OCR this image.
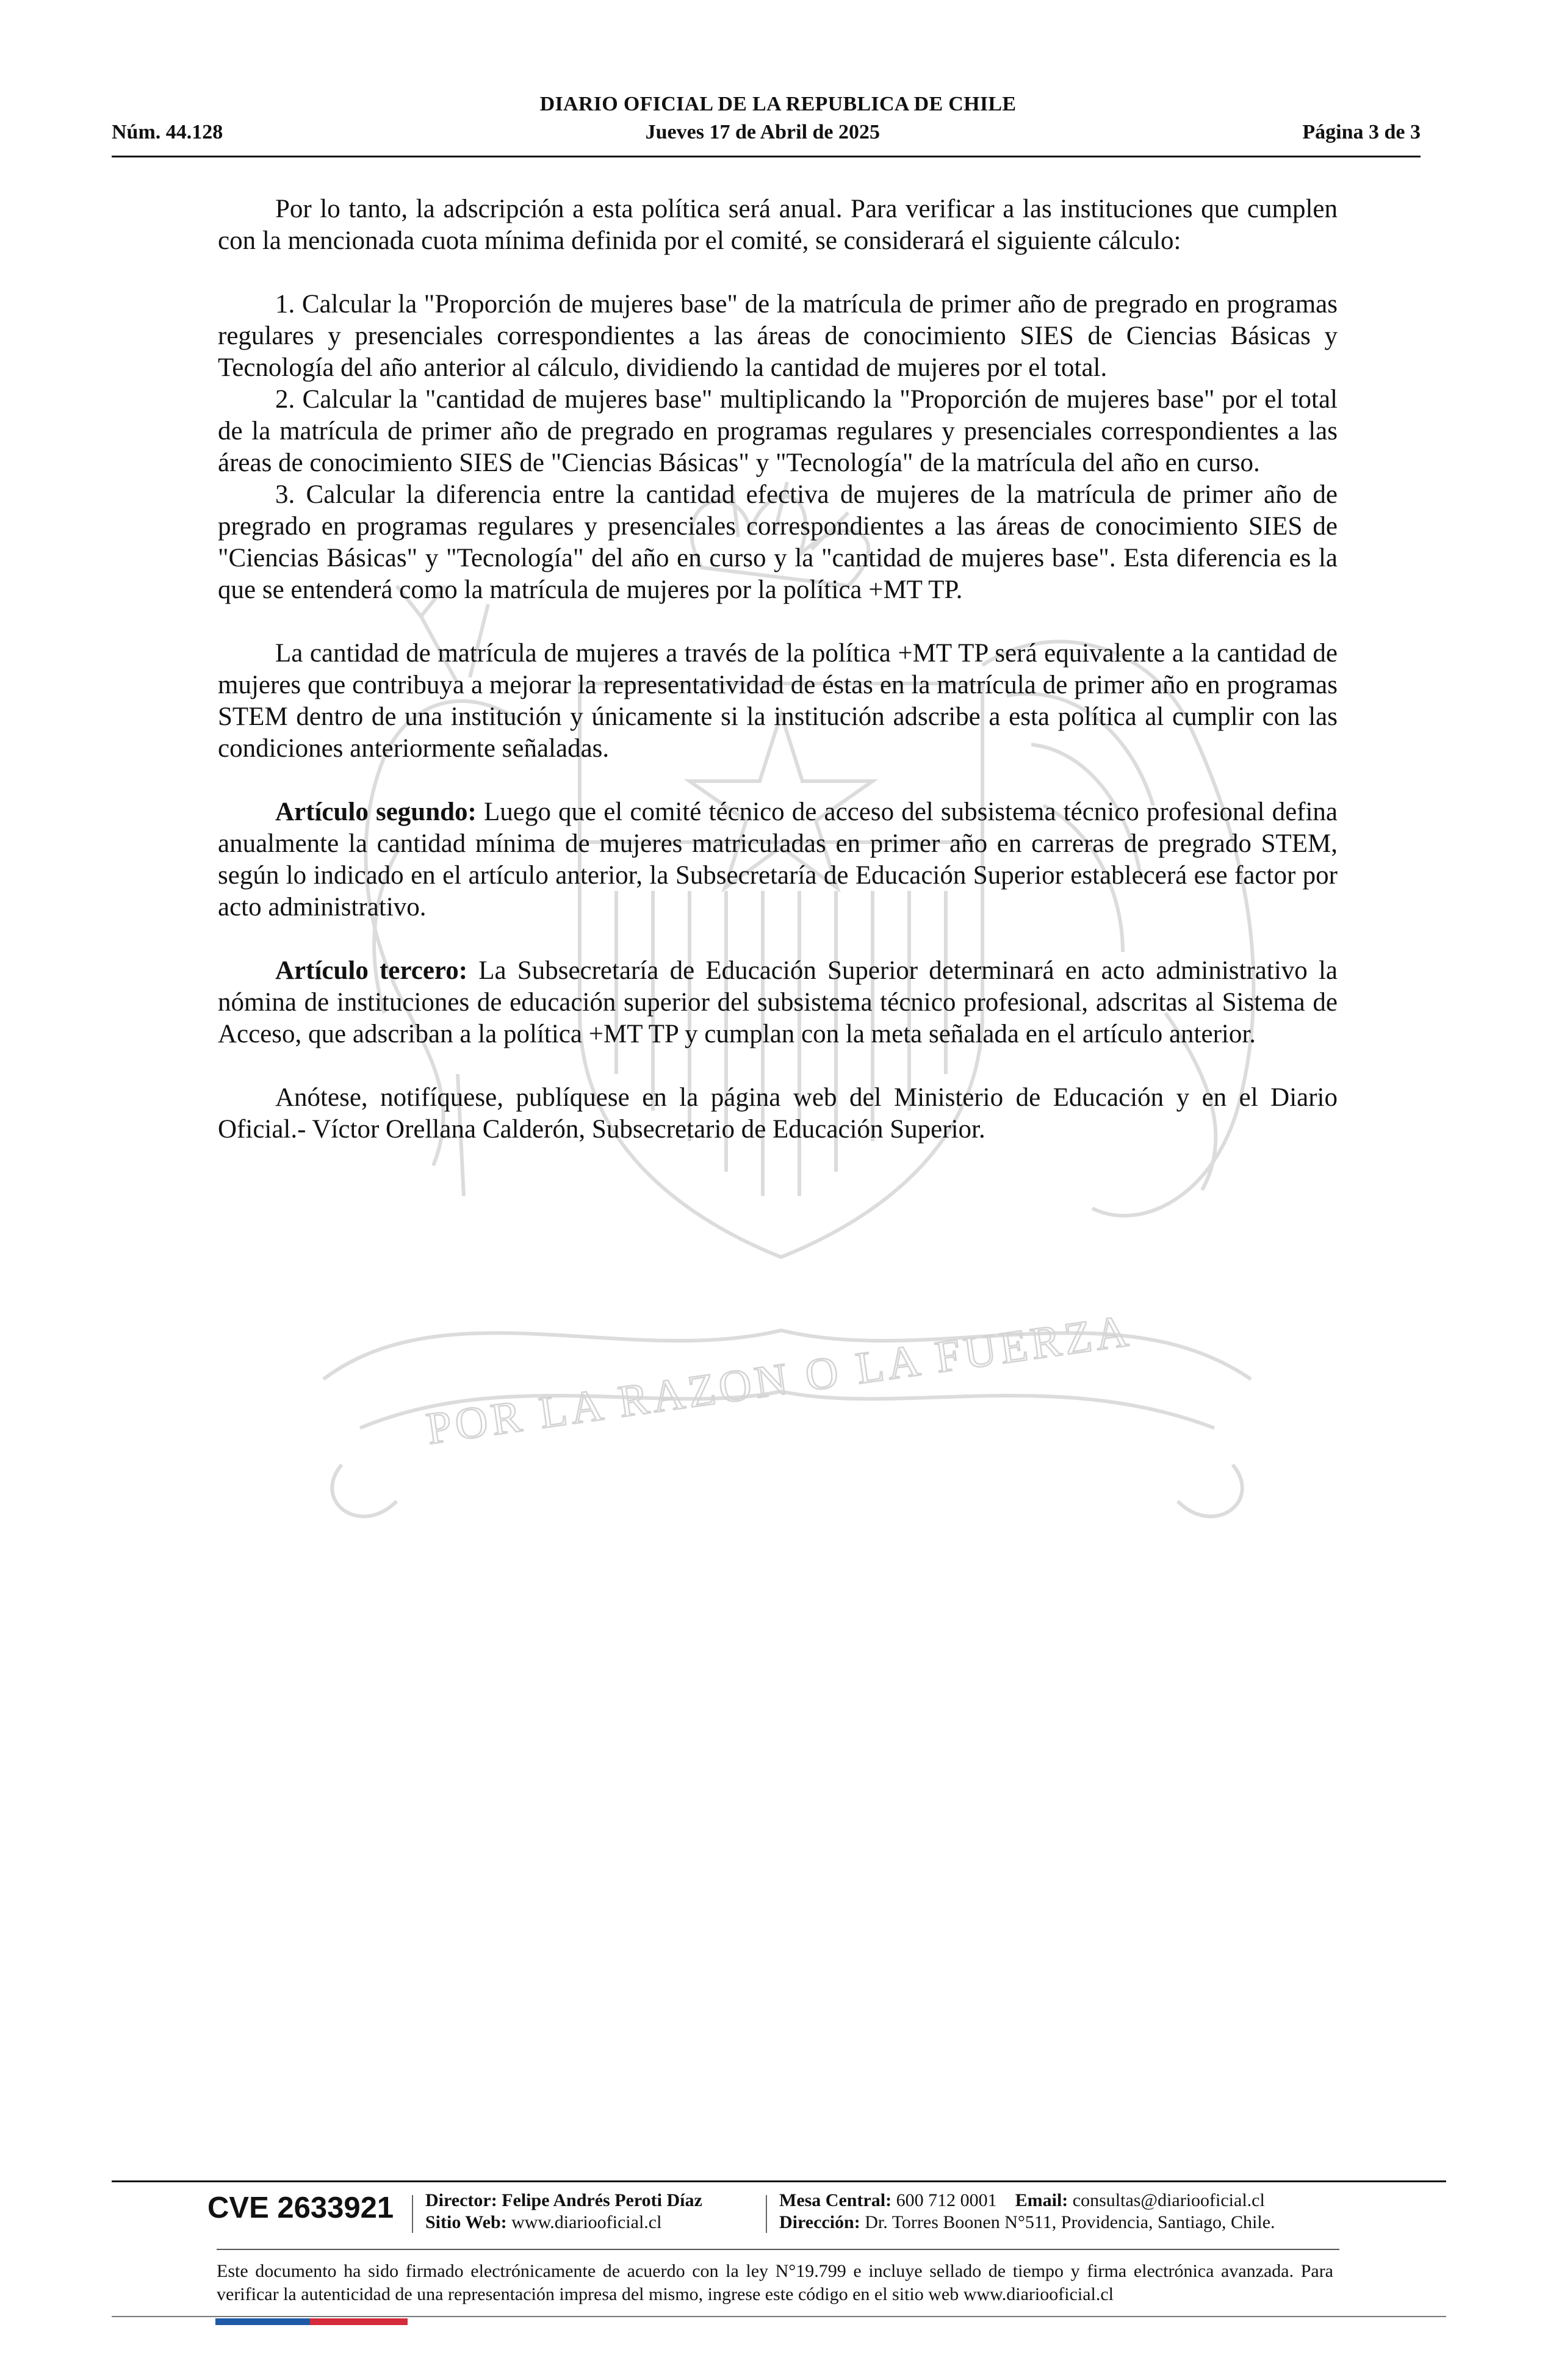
DIARIO OFICIAL DE LA REPUBLICA DE CHILE
Núm. 44.128	Jueves 17 de Abril de 2025	Página 3 de 3
POR LA RAZON O LA FUERZA

Por lo tanto, la adscripción a esta política será anual. Para verificar a las instituciones que cumplen con la mencionada cuota mínima definida por el comité, se considerará el siguiente cálculo:

1. Calcular la "Proporción de mujeres base" de la matrícula de primer año de pregrado en programas regulares y presenciales correspondientes a las áreas de conocimiento SIES de Ciencias Básicas y Tecnología del año anterior al cálculo, dividiendo la cantidad de mujeres por el total.

2. Calcular la "cantidad de mujeres base" multiplicando la "Proporción de mujeres base" por el total de la matrícula de primer año de pregrado en programas regulares y presenciales correspondientes a las áreas de conocimiento SIES de "Ciencias Básicas" y "Tecnología" de la matrícula del año en curso.

3. Calcular la diferencia entre la cantidad efectiva de mujeres de la matrícula de primer año de pregrado en programas regulares y presenciales correspondientes a las áreas de conocimiento SIES de "Ciencias Básicas" y "Tecnología" del año en curso y la "cantidad de mujeres base". Esta diferencia es la que se entenderá como la matrícula de mujeres por la política +MT TP.

La cantidad de matrícula de mujeres a través de la política +MT TP será equivalente a la cantidad de mujeres que contribuya a mejorar la representatividad de éstas en la matrícula de primer año en programas STEM dentro de una institución y únicamente si la institución adscribe a esta política al cumplir con las condiciones anteriormente señaladas.

Artículo segundo: Luego que el comité técnico de acceso del subsistema técnico profesional defina anualmente la cantidad mínima de mujeres matriculadas en primer año en carreras de pregrado STEM, según lo indicado en el artículo anterior, la Subsecretaría de Educación Superior establecerá ese factor por acto administrativo.

Artículo tercero: La Subsecretaría de Educación Superior determinará en acto administrativo la nómina de instituciones de educación superior del subsistema técnico profesional, adscritas al Sistema de Acceso, que adscriban a la política +MT TP y cumplan con la meta señalada en el artículo anterior.

Anótese, notifíquese, publíquese en la página web del Ministerio de Educación y en el Diario Oficial.- Víctor Orellana Calderón, Subsecretario de Educación Superior.

CVE 2633921	Director: Felipe Andrés Peroti Díaz
Sitio Web: www.diariooficial.cl
Mesa Central: 600 712 0001 Email: consultas@diariooficial.cl
Dirección: Dr. Torres Boonen N°511, Providencia, Santiago, Chile.
Este documento ha sido firmado electrónicamente de acuerdo con la ley N°19.799 e incluye sellado de tiempo y firma electrónica avanzada. Para verificar la autenticidad de una representación impresa del mismo, ingrese este código en el sitio web www.diariooficial.cl
